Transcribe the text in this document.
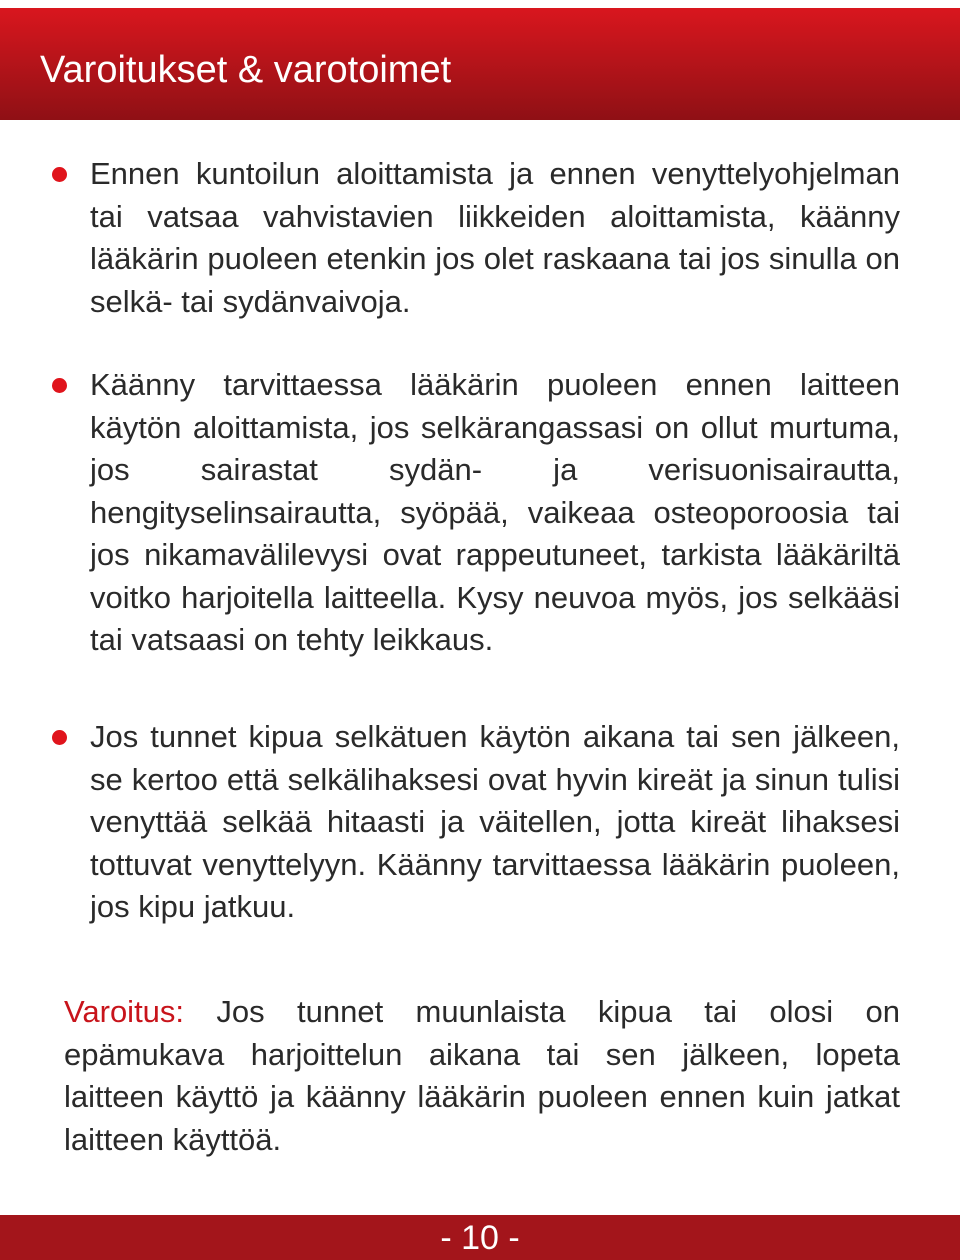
Varoitukset & varotoimet
Ennen kuntoilun aloittamista ja ennen venyttelyohjelman tai vatsaa vahvistavien liikkeiden aloittamista, käänny lääkärin puoleen etenkin jos olet raskaana tai jos sinulla on selkä- tai sydänvaivoja.
Käänny tarvittaessa lääkärin puoleen ennen laitteen käytön aloittamista, jos selkärangassasi on ollut murtuma, jos sairastat sydän- ja verisuonisairautta, hengityselinsairautta, syöpää, vaikeaa osteoporoosia tai jos nikamavälilevysi ovat rappeutuneet, tarkista lääkäriltä voitko harjoitella laitteella. Kysy neuvoa myös, jos selkääsi tai vatsaasi on tehty leikkaus.
Jos tunnet kipua selkätuen käytön aikana tai sen jälkeen, se kertoo että selkälihaksesi ovat hyvin kireät ja sinun tulisi venyttää selkää hitaasti ja väitellen, jotta kireät lihaksesi tottuvat venyttelyyn. Käänny tarvittaessa lääkärin puoleen, jos kipu jatkuu.
Varoitus: Jos tunnet muunlaista kipua tai olosi on epämukava harjoittelun aikana tai sen jälkeen, lopeta laitteen käyttö ja käänny lääkärin puoleen ennen kuin jatkat laitteen käyttöä.
- 10 -
